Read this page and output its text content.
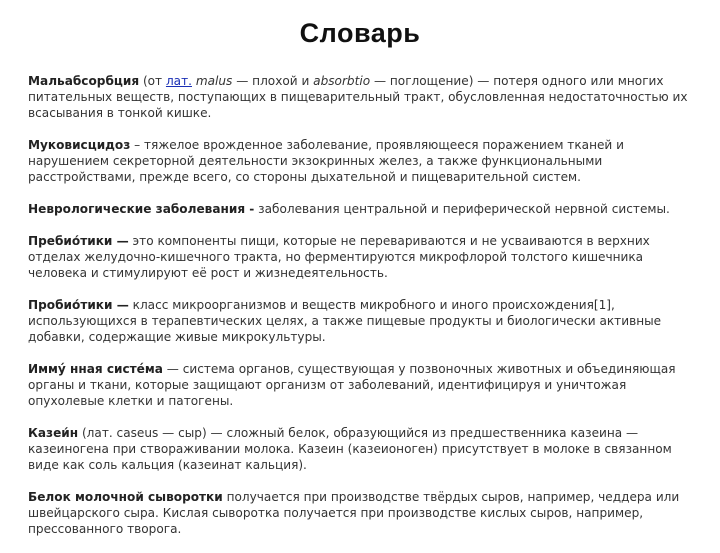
Словарь

Мальабсорбция (от лат. malus — плохой и absorbtio — поглощение) — потеря одного или многих питательных веществ, поступающих в пищеварительный тракт, обусловленная недостаточностью их всасывания в тонкой кишке.

Муковисцидоз – тяжелое врожденное заболевание, проявляющееся поражением тканей и нарушением секреторной деятельности экзокринных желез, а также функциональными расстройствами, прежде всего, со стороны дыхательной и пищеварительной систем.

Неврологические заболевания - заболевания центральной и периферической нервной системы.

Пребио́тики — это компоненты пищи, которые не перевариваются и не усваиваются в верхних отделах желудочно-кишечного тракта, но ферментируются микрофлорой толстого кишечника человека и стимулируют её рост и жизнедеятельность.

Пробио́тики — класс микроорганизмов и веществ микробного и иного происхождения[1], использующихся в терапевтических целях, а также пищевые продукты и биологически активные добавки, содержащие живые микрокультуры.

Иммý нная систéма — система органов, существующая у позвоночных животных и объединяющая органы и ткани, которые защищают организм от заболеваний, идентифицируя и уничтожая опухолевые клетки и патогены.

Казеи́н (лат. caseus — сыр) — сложный белок, образующийся из предшественника казеина — казеиногена при створаживании молока. Казеин (казеионоген) присутствует в молоке в связанном виде как соль кальция (казеинат кальция).

Белок молочной сыворотки получается при производстве твёрдых сыров, например, чеддера или швейцарского сыра. Кислая сыворотка получается при производстве кислых сыров, например, прессованного творога.
